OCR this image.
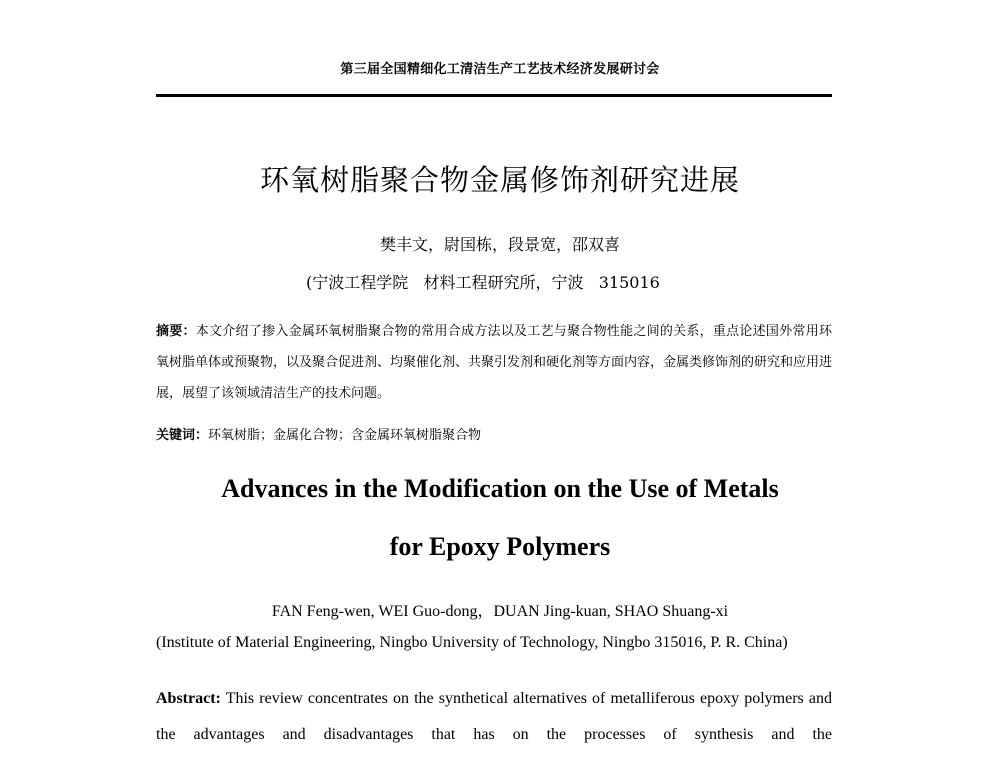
第三届全国精细化工清洁生产工艺技术经济发展研讨会
环氧树脂聚合物金属修饰剂研究进展
樊丰文，尉国栋，段景宽，邵双喜
(宁波工程学院   材料工程研究所，宁波   315016
摘要：本文介绍了掺入金属环氧树脂聚合物的常用合成方法以及工艺与聚合物性能之间的关系，重点论述国外常用环氧树脂单体或预聚物，以及聚合促进剂、均聚催化剂、共聚引发剂和硬化剂等方面内容，金属类修饰剂的研究和应用进展，展望了该领域清洁生产的技术问题。
关键词：环氧树脂；金属化合物；含金属环氧树脂聚合物
Advances in the Modification on the Use of Metals
for Epoxy Polymers
FAN Feng-wen, WEI Guo-dong，DUAN Jing-kuan, SHAO Shuang-xi
(Institute of Material Engineering, Ningbo University of Technology, Ningbo 315016, P. R. China)
Abstract: This review concentrates on the synthetical alternatives of metalliferous epoxy polymers and the advantages and disadvantages that has on the processes of synthesis and the
